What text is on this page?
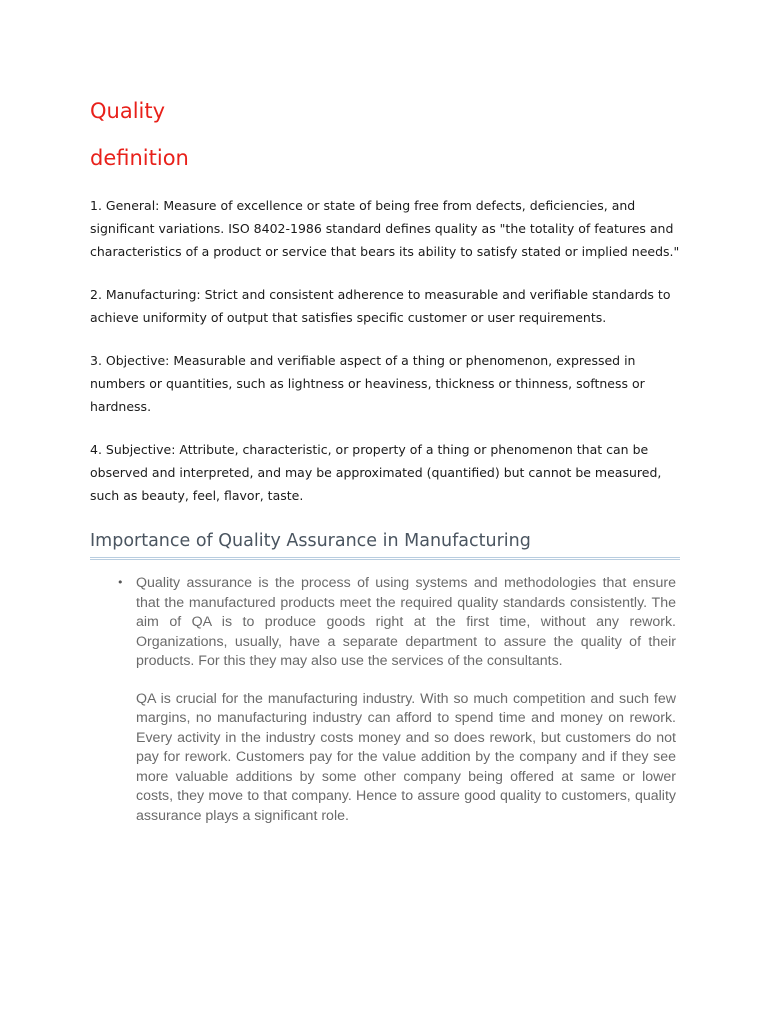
Quality
definition

1. General: Measure of excellence or state of being free from defects, deficiencies, and significant variations. ISO 8402-1986 standard defines quality as "the totality of features and characteristics of a product or service that bears its ability to satisfy stated or implied needs."

2. Manufacturing: Strict and consistent adherence to measurable and verifiable standards to achieve uniformity of output that satisfies specific customer or user requirements.

3. Objective: Measurable and verifiable aspect of a thing or phenomenon, expressed in numbers or quantities, such as lightness or heaviness, thickness or thinness, softness or hardness.

4. Subjective: Attribute, characteristic, or property of a thing or phenomenon that can be observed and interpreted, and may be approximated (quantified) but cannot be measured, such as beauty, feel, flavor, taste.

Importance of Quality Assurance in Manufacturing
• Quality assurance is the process of using systems and methodologies that ensure that the manufactured products meet the required quality standards consistently. The aim of QA is to produce goods right at the first time, without any rework. Organizations, usually, have a separate department to assure the quality of their products. For this they may also use the services of the consultants.

QA is crucial for the manufacturing industry. With so much competition and such few margins, no manufacturing industry can afford to spend time and money on rework. Every activity in the industry costs money and so does rework, but customers do not pay for rework. Customers pay for the value addition by the company and if they see more valuable additions by some other company being offered at same or lower costs, they move to that company. Hence to assure good quality to customers, quality assurance plays a significant role.
